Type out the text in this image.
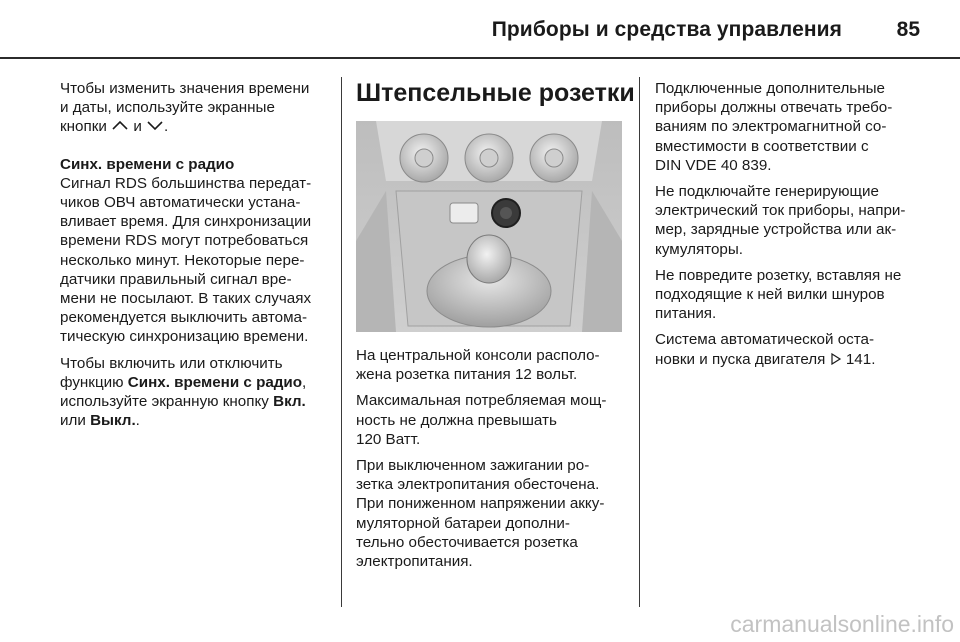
Приборы и средства управления	85

Чтобы изменить значения времени
и даты, используйте экранные
кнопки и .

Синх. времени с радио

Сигнал RDS большинства передат-
чиков ОВЧ автоматически устана-
вливает время. Для синхронизации
времени RDS могут потребоваться
несколько минут. Некоторые пере-
датчики правильный сигнал вре-
мени не посылают. В таких случаях
рекомендуется выключить автома-
тическую синхронизацию времени.

Чтобы включить или отключить
функцию Синх. времени с радио,
используйте экранную кнопку Вкл.
или Выкл..

Штепсельные розетки

На центральной консоли располо-
жена розетка питания 12 вольт.

Максимальная потребляемая мощ-
ность не должна превышать
120 Ватт.

При выключенном зажигании ро-
зетка электропитания обесточена.
При пониженном напряжении акку-
муляторной батареи дополни-
тельно обесточивается розетка
электропитания.

Подключенные дополнительные
приборы должны отвечать требо-
ваниям по электромагнитной со-
вместимости в соответствии с
DIN VDE 40 839.

Не подключайте генерирующие
электрический ток приборы, напри-
мер, зарядные устройства или ак-
кумуляторы.

Не повредите розетку, вставляя не
подходящие к ней вилки шнуров
питания.

Система автоматической оста-
новки и пуска двигателя 141.

carmanualsonline.info
